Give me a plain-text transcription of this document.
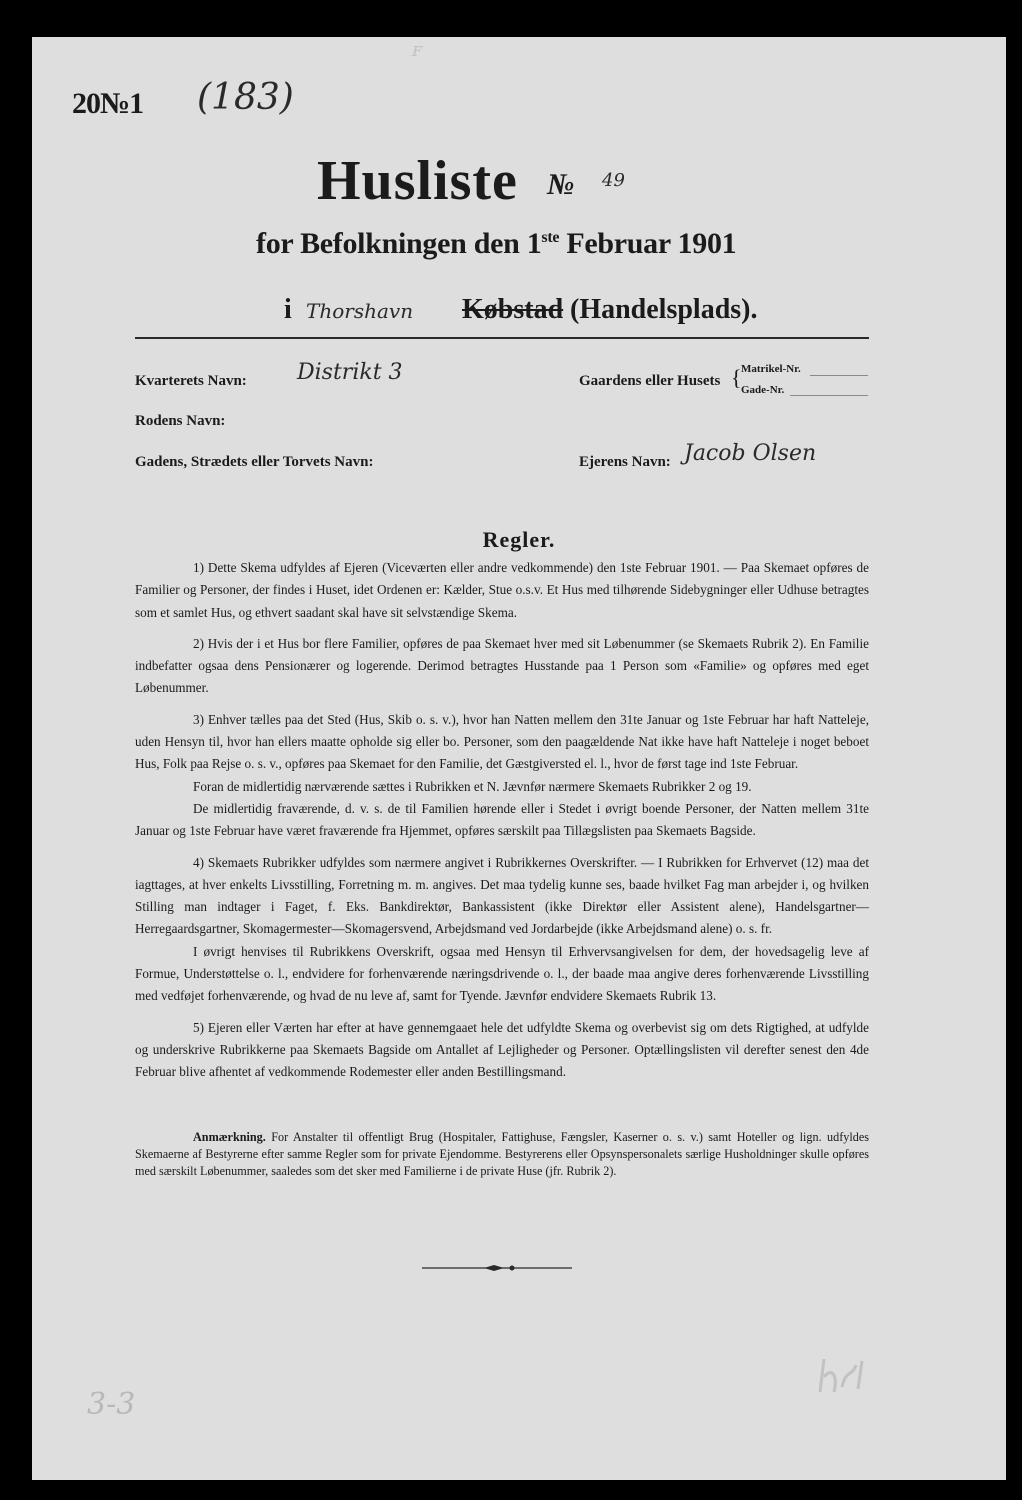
ꜰ
20№1 (183)
Husliste № 49
for Befolkningen den 1ste Februar 1901
i Thorshavn Købstad (Handelsplads).
Kvarterets Navn: Distrikt 3
Rodens Navn:
Gadens, Strædets eller Torvets Navn:
Gaardens eller Husets { Matrikel-Nr.
Gade-Nr.
Ejerens Navn: Jacob Olsen
Regler.

1) Dette Skema udfyldes af Ejeren (Viceværten eller andre vedkommende) den 1ste Februar 1901. — Paa Skemaet opføres de Familier og Personer, der findes i Huset, idet Ordenen er: Kælder, Stue o.s.v. Et Hus med tilhørende Sidebygninger eller Udhuse betragtes som et samlet Hus, og ethvert saadant skal have sit selvstændige Skema.

2) Hvis der i et Hus bor flere Familier, opføres de paa Skemaet hver med sit Løbenummer (se Skemaets Rubrik 2). En Familie indbefatter ogsaa dens Pensionærer og logerende. Derimod betragtes Husstande paa 1 Person som «Familie» og opføres med eget Løbenummer.

3) Enhver tælles paa det Sted (Hus, Skib o. s. v.), hvor han Natten mellem den 31te Januar og 1ste Februar har haft Natteleje, uden Hensyn til, hvor han ellers maatte opholde sig eller bo. Personer, som den paagældende Nat ikke have haft Natteleje i noget beboet Hus, Folk paa Rejse o. s. v., opføres paa Skemaet for den Familie, det Gæstgiversted el. l., hvor de først tage ind 1ste Februar.

Foran de midlertidig nærværende sættes i Rubrikken et N. Jævnfør nærmere Skemaets Rubrikker 2 og 19.

De midlertidig fraværende, d. v. s. de til Familien hørende eller i Stedet i øvrigt boende Personer, der Natten mellem 31te Januar og 1ste Februar have været fraværende fra Hjemmet, opføres særskilt paa Tillægslisten paa Skemaets Bagside.

4) Skemaets Rubrikker udfyldes som nærmere angivet i Rubrikkernes Overskrifter. — I Rubrikken for Erhvervet (12) maa det iagttages, at hver enkelts Livsstilling, Forretning m. m. angives. Det maa tydelig kunne ses, baade hvilket Fag man arbejder i, og hvilken Stilling man indtager i Faget, f. Eks. Bankdirektør, Bankassistent (ikke Direktør eller Assistent alene), Handelsgartner—Herregaardsgartner, Skomagermester—Skomagersvend, Arbejdsmand ved Jordarbejde (ikke Arbejdsmand alene) o. s. fr.

I øvrigt henvises til Rubrikkens Overskrift, ogsaa med Hensyn til Erhvervsangivelsen for dem, der hovedsagelig leve af Formue, Understøttelse o. l., endvidere for forhenværende næringsdrivende o. l., der baade maa angive deres forhenværende Livsstilling med vedføjet forhenværende, og hvad de nu leve af, samt for Tyende. Jævnfør endvidere Skemaets Rubrik 13.

5) Ejeren eller Værten har efter at have gennemgaaet hele det udfyldte Skema og overbevist sig om dets Rigtighed, at udfylde og underskrive Rubrikkerne paa Skemaets Bagside om Antallet af Lejligheder og Personer. Optællingslisten vil derefter senest den 4de Februar blive afhentet af vedkommende Rodemester eller anden Bestillingsmand.

Anmærkning. For Anstalter til offentligt Brug (Hospitaler, Fattighuse, Fængsler, Kaserner o. s. v.) samt Hoteller og lign. udfyldes Skemaerne af Bestyrerne efter samme Regler som for private Ejendomme. Bestyrerens eller Opsynspersonalets særlige Husholdninger skulle opføres med særskilt Løbenummer, saaledes som det sker med Familierne i de private Huse (jfr. Rubrik 2).

3-3
